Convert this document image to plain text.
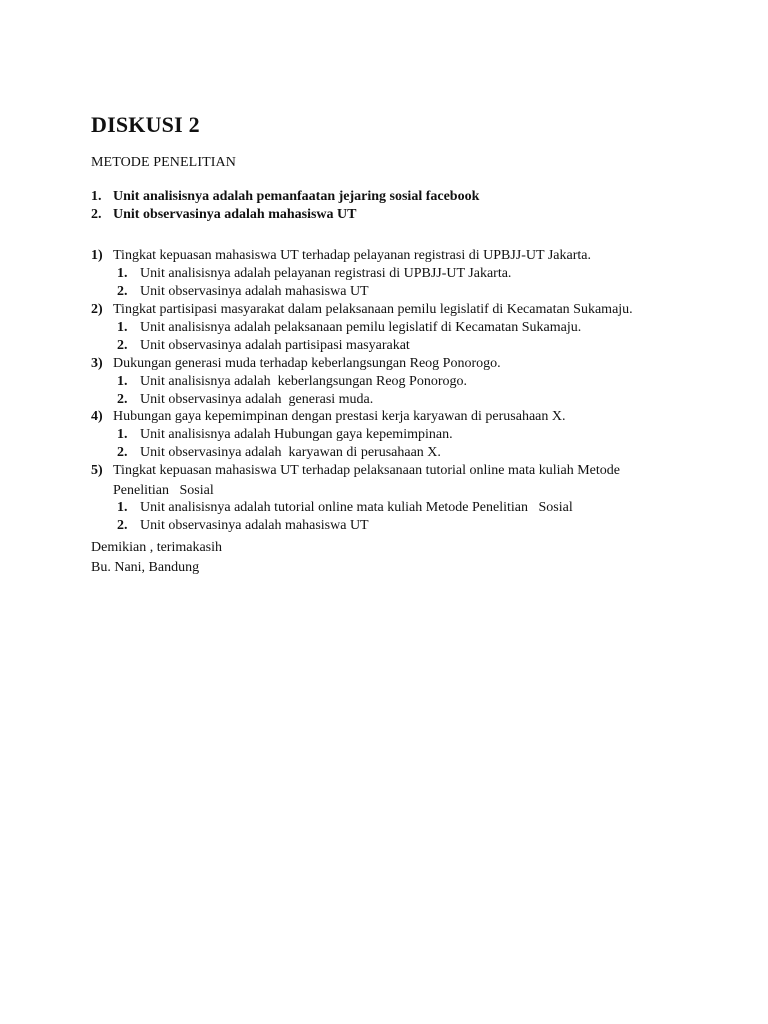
DISKUSI 2

METODE PENELITIAN

1. Unit analisisnya adalah pemanfaatan jejaring sosial facebook
2. Unit observasinya adalah mahasiswa UT
1) Tingkat kepuasan mahasiswa UT terhadap pelayanan registrasi di UPBJJ-UT Jakarta.
1. Unit analisisnya adalah pelayanan registrasi di UPBJJ-UT Jakarta.
2. Unit observasinya adalah mahasiswa UT
2) Tingkat partisipasi masyarakat dalam pelaksanaan pemilu legislatif di Kecamatan Sukamaju.
1. Unit analisisnya adalah pelaksanaan pemilu legislatif di Kecamatan Sukamaju.
2. Unit observasinya adalah partisipasi masyarakat
3) Dukungan generasi muda terhadap keberlangsungan Reog Ponorogo.
1. Unit analisisnya adalah  keberlangsungan Reog Ponorogo.
2. Unit observasinya adalah  generasi muda.
4) Hubungan gaya kepemimpinan dengan prestasi kerja karyawan di perusahaan X.
1. Unit analisisnya adalah Hubungan gaya kepemimpinan.
2. Unit observasinya adalah  karyawan di perusahaan X.
5) Tingkat kepuasan mahasiswa UT terhadap pelaksanaan tutorial online mata kuliah Metode
Penelitian   Sosial
1. Unit analisisnya adalah tutorial online mata kuliah Metode Penelitian   Sosial
2. Unit observasinya adalah mahasiswa UT
Demikian , terimakasih
Bu. Nani, Bandung
